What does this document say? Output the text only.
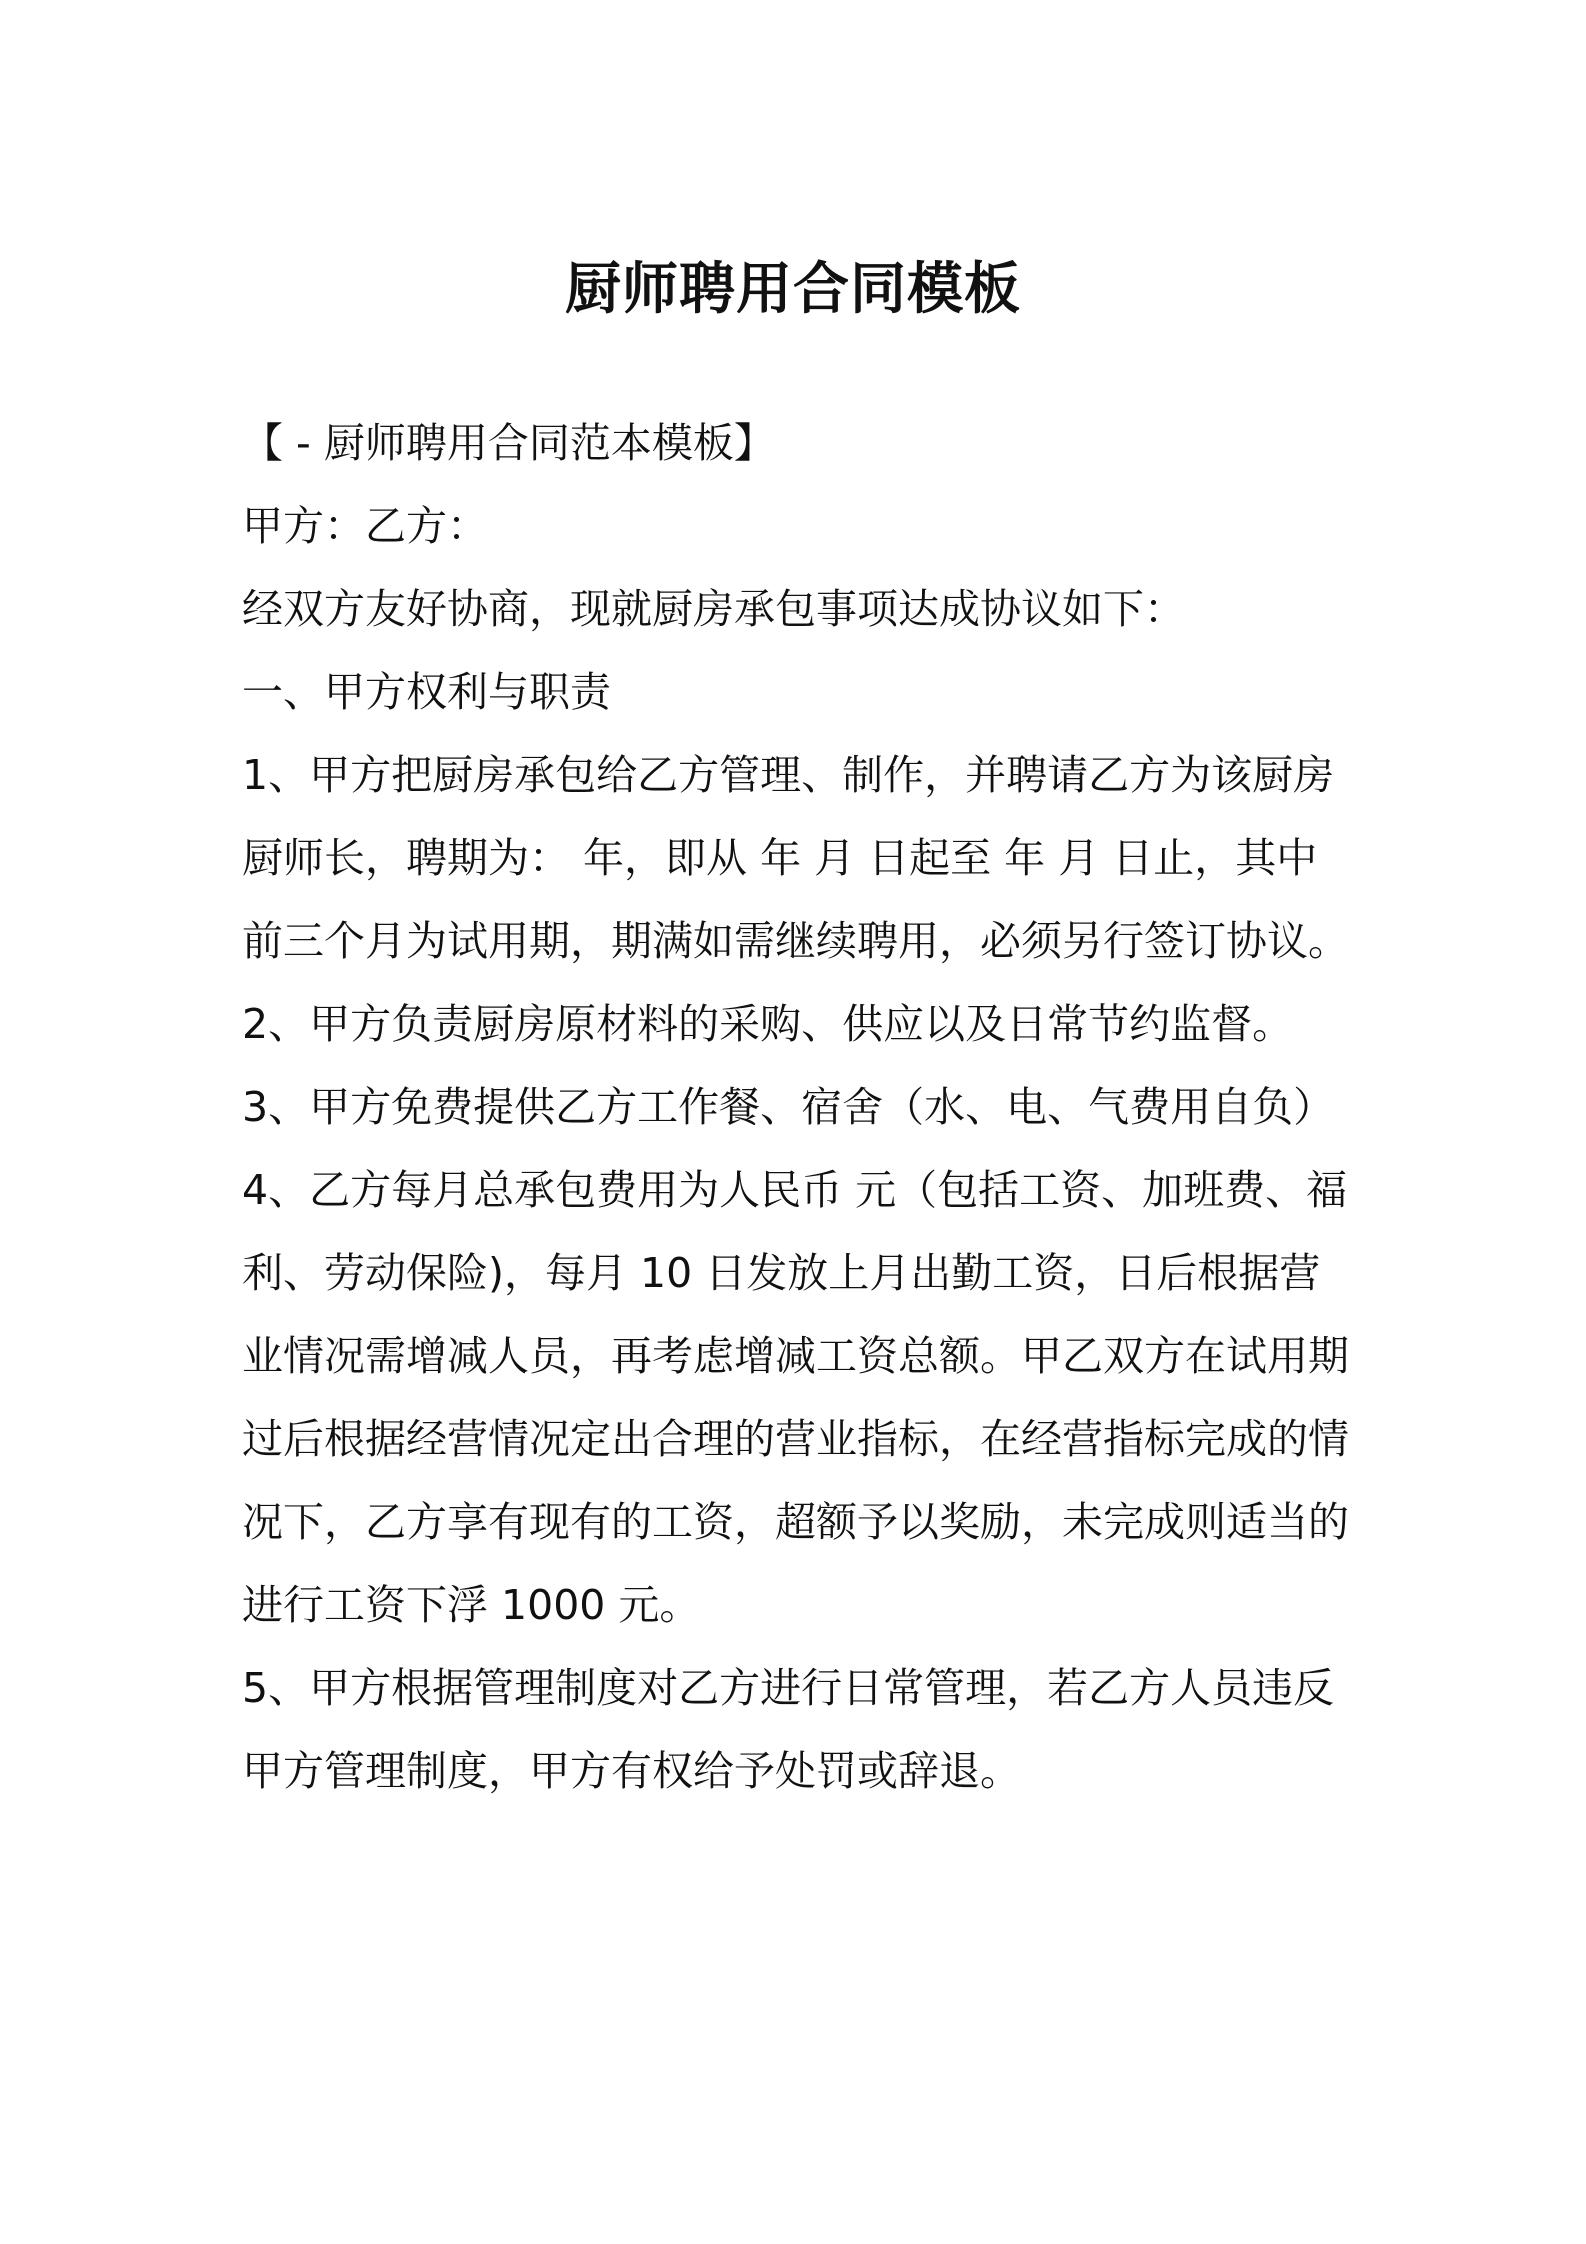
厨师聘用合同模板

【 - 厨师聘用合同范本模板】

甲方：乙方：

经双方友好协商，现就厨房承包事项达成协议如下：

一、甲方权利与职责

1、甲方把厨房承包给乙方管理、制作，并聘请乙方为该厨房厨师长，聘期为： 年，即从 年 月 日起至 年 月 日止，其中前三个月为试用期，期满如需继续聘用，必须另行签订协议。

2、甲方负责厨房原材料的采购、供应以及日常节约监督。

3、甲方免费提供乙方工作餐、宿舍（水、电、气费用自负）

4、乙方每月总承包费用为人民币 元（包括工资、加班费、福利、劳动保险)，每月 10 日发放上月出勤工资，日后根据营业情况需增减人员，再考虑增减工资总额。甲乙双方在试用期过后根据经营情况定出合理的营业指标，在经营指标完成的情况下，乙方享有现有的工资，超额予以奖励，未完成则适当的进行工资下浮 1000 元。

5、甲方根据管理制度对乙方进行日常管理，若乙方人员违反甲方管理制度，甲方有权给予处罚或辞退。
